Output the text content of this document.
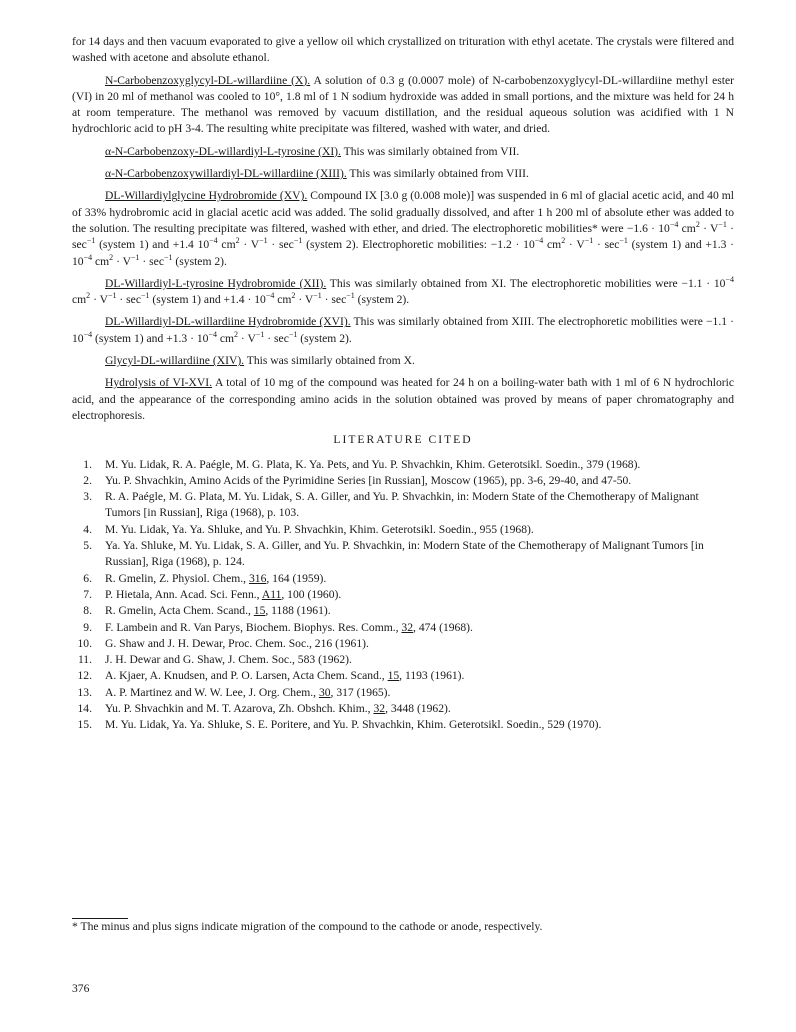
for 14 days and then vacuum evaporated to give a yellow oil which crystallized on trituration with ethyl acetate. The crystals were filtered and washed with acetone and absolute ethanol.

N-Carbobenzoxyglycyl-DL-willardiine (X). A solution of 0.3 g (0.0007 mole) of N-carbobenzoxyglycyl-DL-willardiine methyl ester (VI) in 20 ml of methanol was cooled to 10°, 1.8 ml of 1 N sodium hydroxide was added in small portions, and the mixture was held for 24 h at room temperature. The methanol was removed by vacuum distillation, and the residual aqueous solution was acidified with 1 N hydrochloric acid to pH 3-4. The resulting white precipitate was filtered, washed with water, and dried.

α-N-Carbobenzoxy-DL-willardiyl-L-tyrosine (XI). This was similarly obtained from VII.

α-N-Carbobenzoxywillardiyl-DL-willardiine (XIII). This was similarly obtained from VIII.

DL-Willardiylglycine Hydrobromide (XV). Compound IX [3.0 g (0.008 mole)] was suspended in 6 ml of glacial acetic acid, and 40 ml of 33% hydrobromic acid in glacial acetic acid was added. The solid gradually dissolved, and after 1 h 200 ml of absolute ether was added to the solution. The resulting precipitate was filtered, washed with ether, and dried. The electrophoretic mobilities* were $-1.6 \cdot 10^{-4}$ $cm^2 \cdot V^{-1} \cdot \sec^{-1}$ (system 1) and +1.4 $10^{-4}$ $cm^2 \cdot V^{-1} \cdot \sec^{-1}$ (system 2). Electrophoretic mobilities: $-1.2 \cdot 10^{-4}$ $cm^2 \cdot V^{-1} \cdot \sec^{-1}$ (system 1) and $+1.3 \cdot 10^{-4}$ $cm^2 \cdot V^{-1} \cdot \sec^{-1}$ (system 2).

DL-Willardiyl-L-tyrosine Hydrobromide (XII). This was similarly obtained from XI. The electrophoretic mobilities were $-1.1 \cdot 10^{-4}$ $cm^2 \cdot V^{-1} \cdot \sec^{-1}$ (system 1) and $+1.4 \cdot 10^{-4}$ $cm^2 \cdot V^{-1} \cdot \sec^{-1}$ (system 2).

DL-Willardiyl-DL-willardiine Hydrobromide (XVI). This was similarly obtained from XIII. The electrophoretic mobilities were $-1.1 \cdot 10^{-4}$ (system 1) and $+1.3 \cdot 10^{-4}$ $cm^2 \cdot V^{-1} \cdot \sec^{-1}$ (system 2).

Glycyl-DL-willardiine (XIV). This was similarly obtained from X.

Hydrolysis of VI-XVI. A total of 10 mg of the compound was heated for 24 h on a boiling-water bath with 1 ml of 6 N hydrochloric acid, and the appearance of the corresponding amino acids in the solution obtained was proved by means of paper chromatography and electrophoresis.

LITERATURE CITED
1. M. Yu. Lidak, R. A. Paégle, M. G. Plata, K. Ya. Pets, and Yu. P. Shvachkin, Khim. Geterotsikl. Soedin., 379 (1968).
2. Yu. P. Shvachkin, Amino Acids of the Pyrimidine Series [in Russian], Moscow (1965), pp. 3-6, 29-40, and 47-50.
3. R. A. Paégle, M. G. Plata, M. Yu. Lidak, S. A. Giller, and Yu. P. Shvachkin, in: Modern State of the Chemotherapy of Malignant Tumors [in Russian], Riga (1968), p. 103.
4. M. Yu. Lidak, Ya. Ya. Shluke, and Yu. P. Shvachkin, Khim. Geterotsikl. Soedin., 955 (1968).
5. Ya. Ya. Shluke, M. Yu. Lidak, S. A. Giller, and Yu. P. Shvachkin, in: Modern State of the Chemotherapy of Malignant Tumors [in Russian], Riga (1968), p. 124.
6. R. Gmelin, Z. Physiol. Chem., 316, 164 (1959).
7. P. Hietala, Ann. Acad. Sci. Fenn., A11, 100 (1960).
8. R. Gmelin, Acta Chem. Scand., 15, 1188 (1961).
9. F. Lambein and R. Van Parys, Biochem. Biophys. Res. Comm., 32, 474 (1968).
10. G. Shaw and J. H. Dewar, Proc. Chem. Soc., 216 (1961).
11. J. H. Dewar and G. Shaw, J. Chem. Soc., 583 (1962).
12. A. Kjaer, A. Knudsen, and P. O. Larsen, Acta Chem. Scand., 15, 1193 (1961).
13. A. P. Martinez and W. W. Lee, J. Org. Chem., 30, 317 (1965).
14. Yu. P. Shvachkin and M. T. Azarova, Zh. Obshch. Khim., 32, 3448 (1962).
15. M. Yu. Lidak, Ya. Ya. Shluke, S. E. Poritere, and Yu. P. Shvachkin, Khim. Geterotsikl. Soedin., 529 (1970).
* The minus and plus signs indicate migration of the compound to the cathode or anode, respectively.
376
